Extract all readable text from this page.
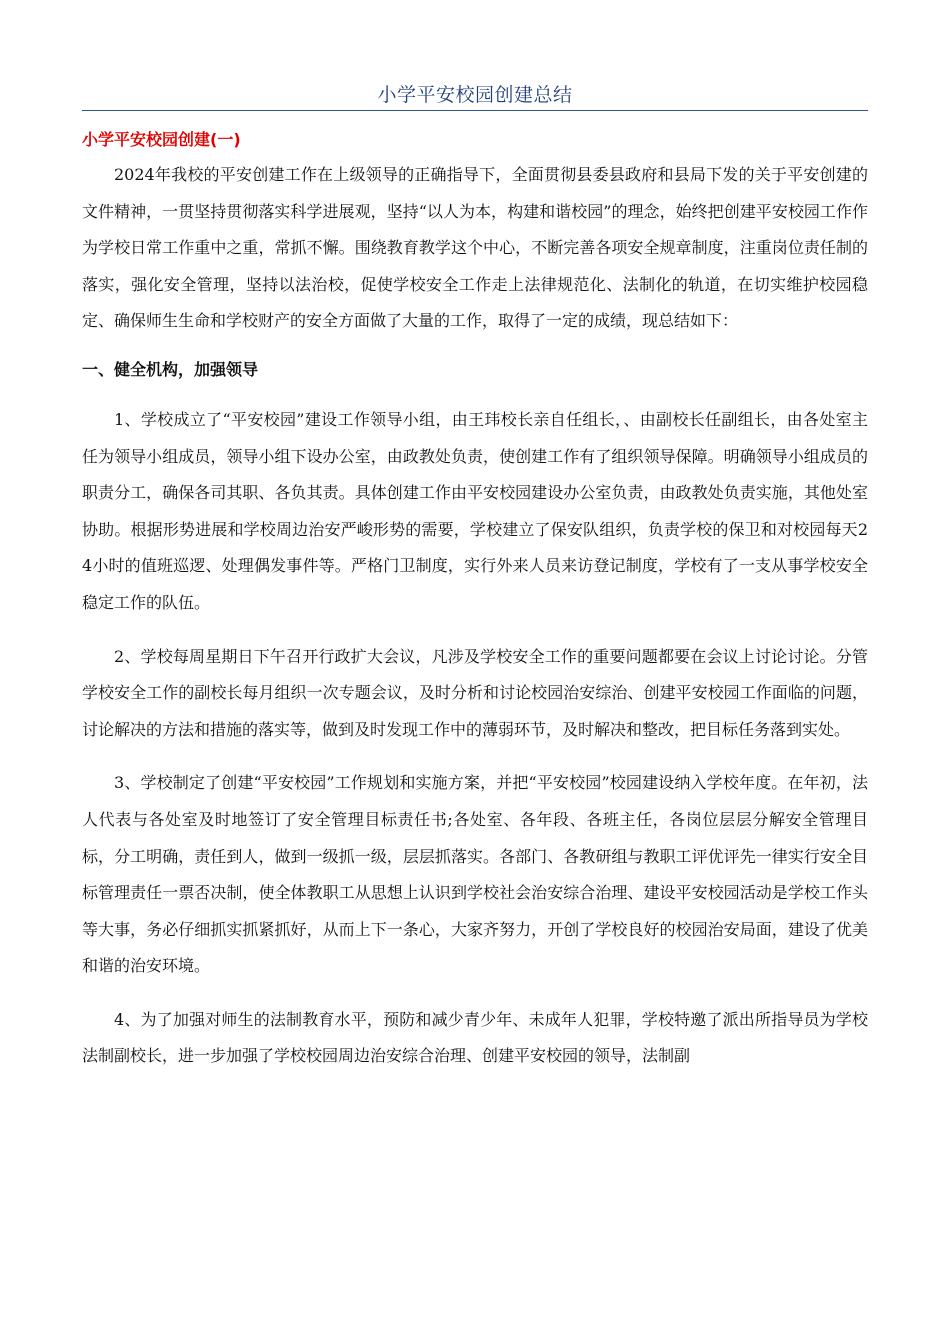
小学平安校园创建总结
小学平安校园创建(一)

2024年我校的平安创建工作在上级领导的正确指导下，全面贯彻县委县政府和县局下发的关于平安创建的文件精神，一贯坚持贯彻落实科学进展观，坚持“以人为本，构建和谐校园”的理念，始终把创建平安校园工作作为学校日常工作重中之重，常抓不懈。围绕教育教学这个中心，不断完善各项安全规章制度，注重岗位责任制的落实，强化安全管理，坚持以法治校，促使学校安全工作走上法律规范化、法制化的轨道，在切实维护校园稳定、确保师生生命和学校财产的安全方面做了大量的工作，取得了一定的成绩，现总结如下：

一、健全机构，加强领导

1、学校成立了“平安校园”建设工作领导小组，由王玮校长亲自任组长，、由副校长任副组长，由各处室主任为领导小组成员，领导小组下设办公室，由政教处负责，使创建工作有了组织领导保障。明确领导小组成员的职责分工，确保各司其职、各负其责。具体创建工作由平安校园建设办公室负责，由政教处负责实施，其他处室协助。根据形势进展和学校周边治安严峻形势的需要，学校建立了保安队组织，负责学校的保卫和对校园每天24小时的值班巡逻、处理偶发事件等。严格门卫制度，实行外来人员来访登记制度，学校有了一支从事学校安全稳定工作的队伍。

2、学校每周星期日下午召开行政扩大会议，凡涉及学校安全工作的重要问题都要在会议上讨论讨论。分管学校安全工作的副校长每月组织一次专题会议，及时分析和讨论校园治安综治、创建平安校园工作面临的问题，讨论解决的方法和措施的落实等，做到及时发现工作中的薄弱环节，及时解决和整改，把目标任务落到实处。

3、学校制定了创建“平安校园”工作规划和实施方案，并把“平安校园”校园建设纳入学校年度。在年初，法人代表与各处室及时地签订了安全管理目标责任书;各处室、各年段、各班主任，各岗位层层分解安全管理目标，分工明确，责任到人，做到一级抓一级，层层抓落实。各部门、各教研组与教职工评优评先一律实行安全目标管理责任一票否决制，使全体教职工从思想上认识到学校社会治安综合治理、建设平安校园活动是学校工作头等大事，务必仔细抓实抓紧抓好，从而上下一条心，大家齐努力，开创了学校良好的校园治安局面，建设了优美和谐的治安环境。

4、为了加强对师生的法制教育水平，预防和减少青少年、未成年人犯罪，学校特邀了派出所指导员为学校法制副校长，进一步加强了学校校园周边治安综合治理、创建平安校园的领导，法制副
